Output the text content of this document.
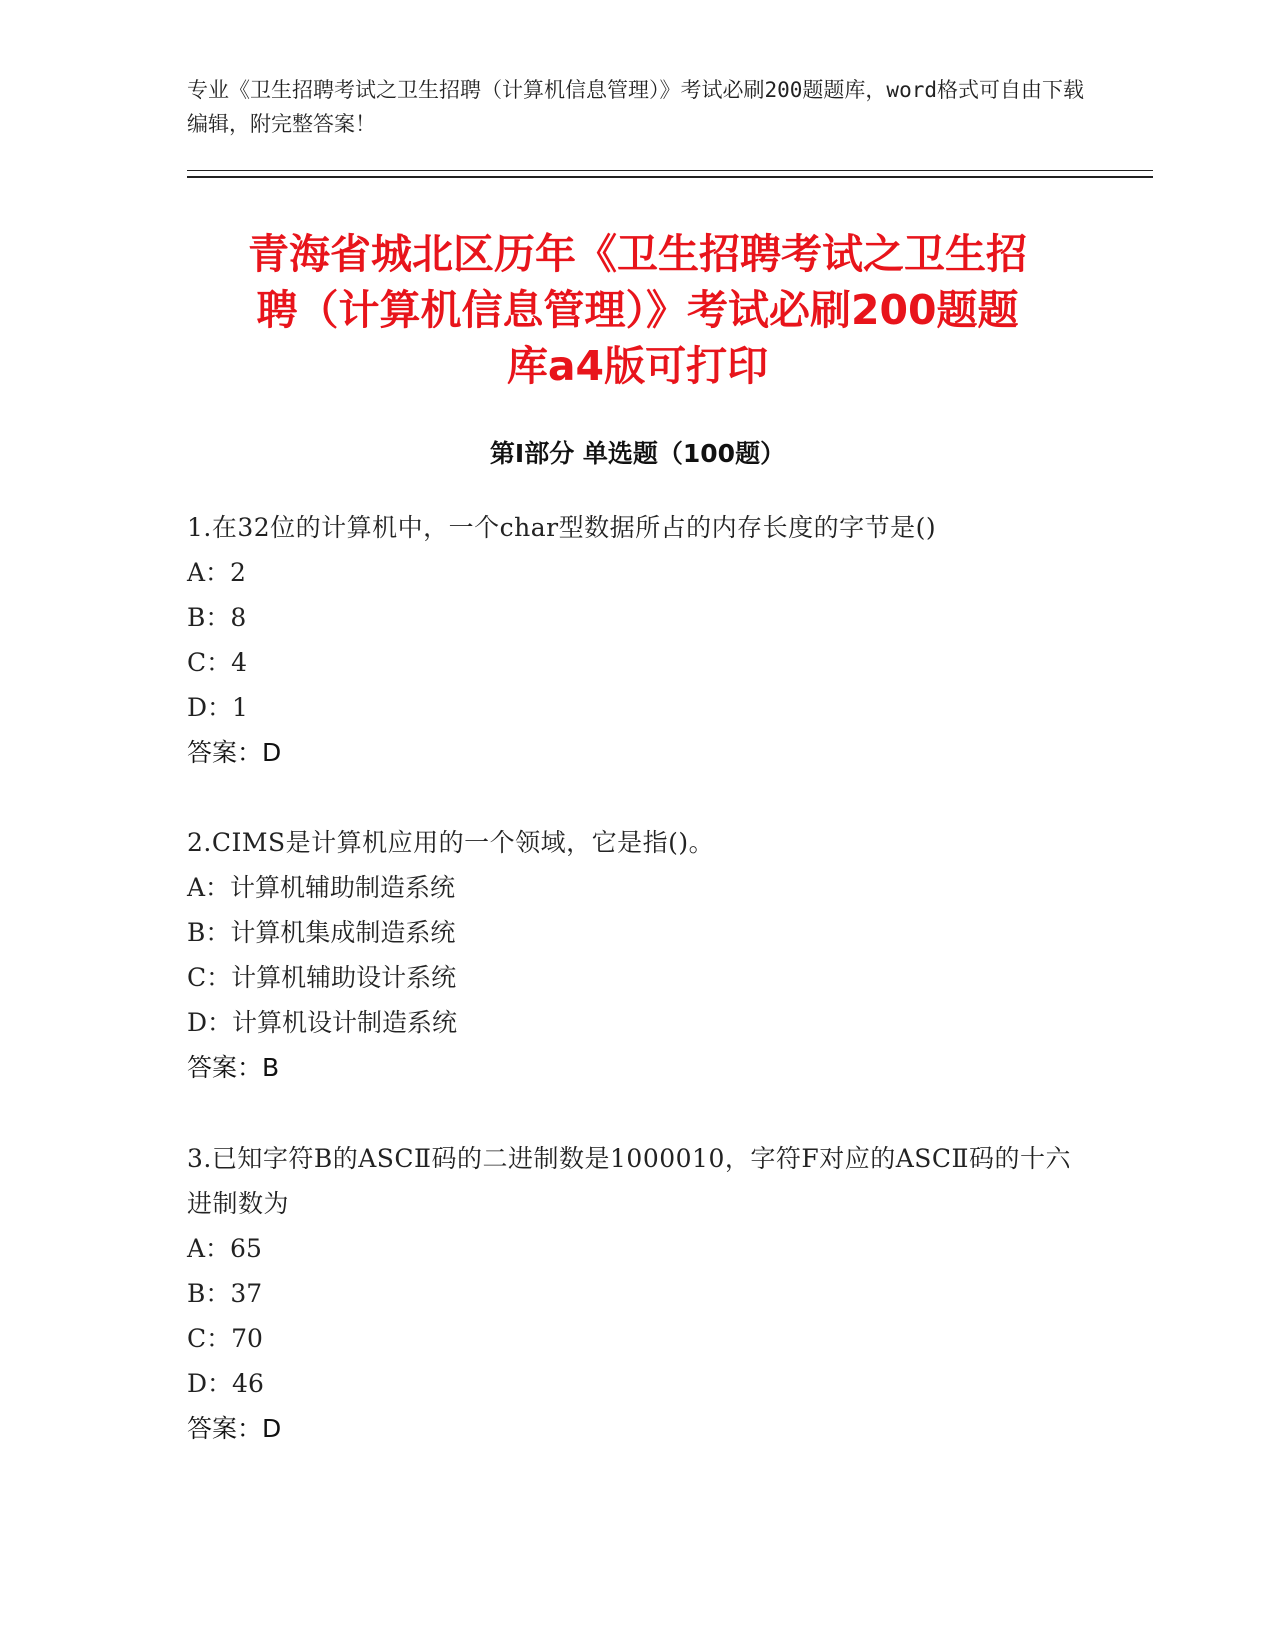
专业《卫生招聘考试之卫生招聘（计算机信息管理）》考试必刷200题题库，word格式可自由下载编辑，附完整答案！
青海省城北区历年《卫生招聘考试之卫生招
聘（计算机信息管理）》考试必刷200题题
库a4版可打印
第I部分 单选题（100题）
1.在32位的计算机中，一个char型数据所占的内存长度的字节是()
A：2
B：8
C：4
D：1
答案：D
2.CIMS是计算机应用的一个领域，它是指()。
A：计算机辅助制造系统
B：计算机集成制造系统
C：计算机辅助设计系统
D：计算机设计制造系统
答案：B
3.已知字符B的ASCⅡ码的二进制数是1000010，字符F对应的ASCⅡ码的十六进制数为
A：65
B：37
C：70
D：46
答案：D
